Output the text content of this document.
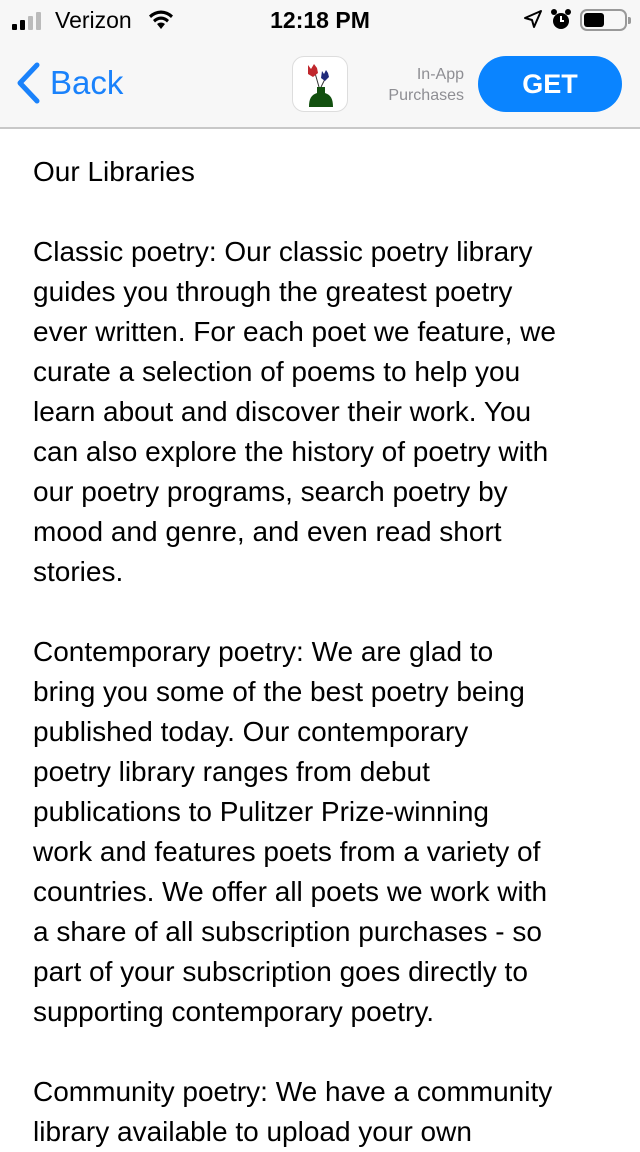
Verizon	12:18 PM
Back	In-App
Purchases	GET
Our Libraries
Classic poetry: Our classic poetry library
guides you through the greatest poetry
ever written. For each poet we feature, we
curate a selection of poems to help you
learn about and discover their work. You
can also explore the history of poetry with
our poetry programs, search poetry by
mood and genre, and even read short
stories.
Contemporary poetry: We are glad to
bring you some of the best poetry being
published today. Our contemporary
poetry library ranges from debut
publications to Pulitzer Prize-winning
work and features poets from a variety of
countries. We offer all poets we work with
a share of all subscription purchases - so
part of your subscription goes directly to
supporting contemporary poetry.
Community poetry: We have a community
library available to upload your own
